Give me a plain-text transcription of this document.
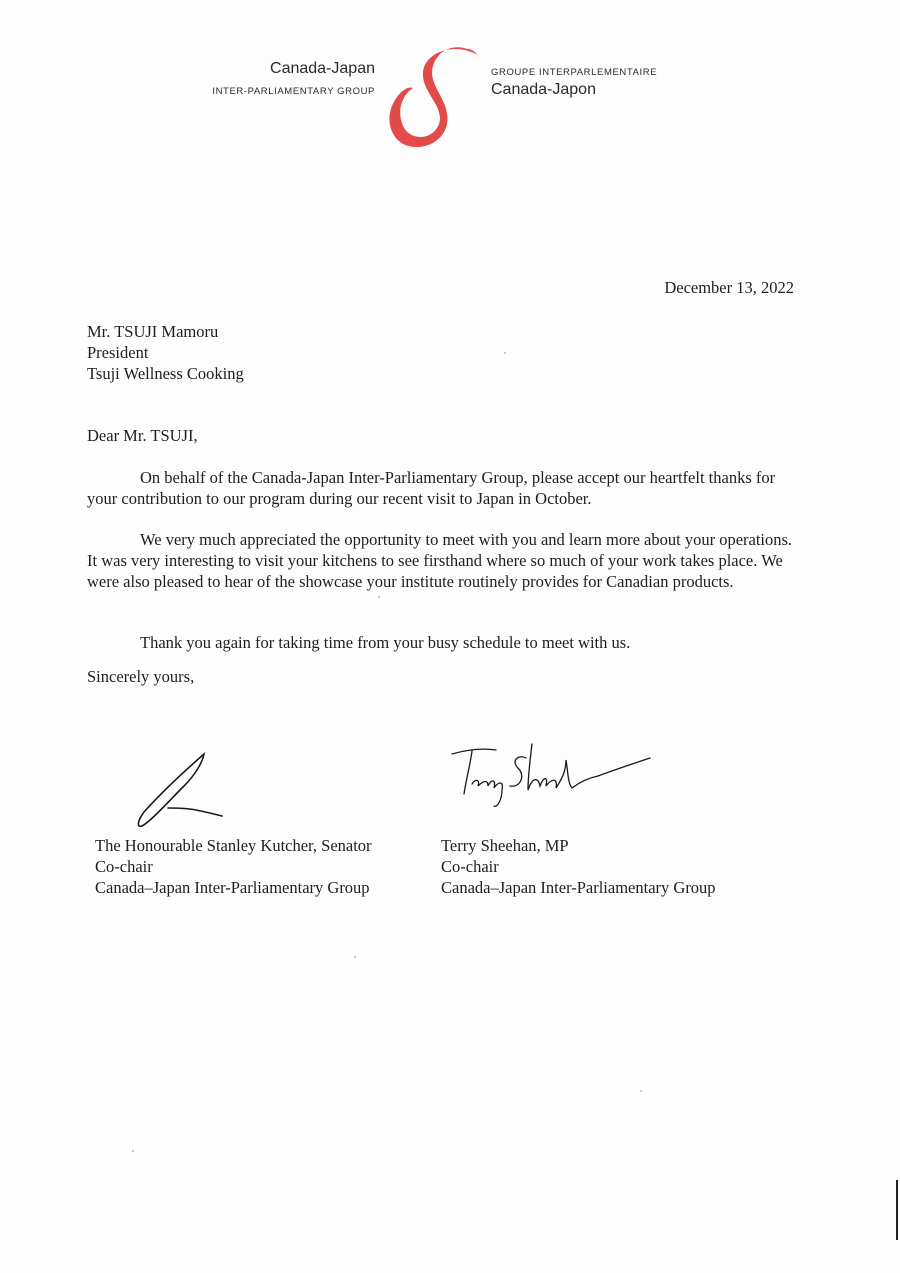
Canada-Japan
INTER-PARLIAMENTARY GROUP
GROUPE INTERPARLEMENTAIRE
Canada-Japon
December 13, 2022
Mr. TSUJI Mamoru
President
Tsuji Wellness Cooking
Dear Mr. TSUJI,
On behalf of the Canada-Japan Inter-Parliamentary Group, please accept our heartfelt thanks for your contribution to our program during our recent visit to Japan in October.
We very much appreciated the opportunity to meet with you and learn more about your operations. It was very interesting to visit your kitchens to see firsthand where so much of your work takes place. We were also pleased to hear of the showcase your institute routinely provides for Canadian products.
Thank you again for taking time from your busy schedule to meet with us.
Sincerely yours,
The Honourable Stanley Kutcher, Senator
Co-chair
Canada–Japan Inter-Parliamentary Group
Terry Sheehan, MP
Co-chair
Canada–Japan Inter-Parliamentary Group
